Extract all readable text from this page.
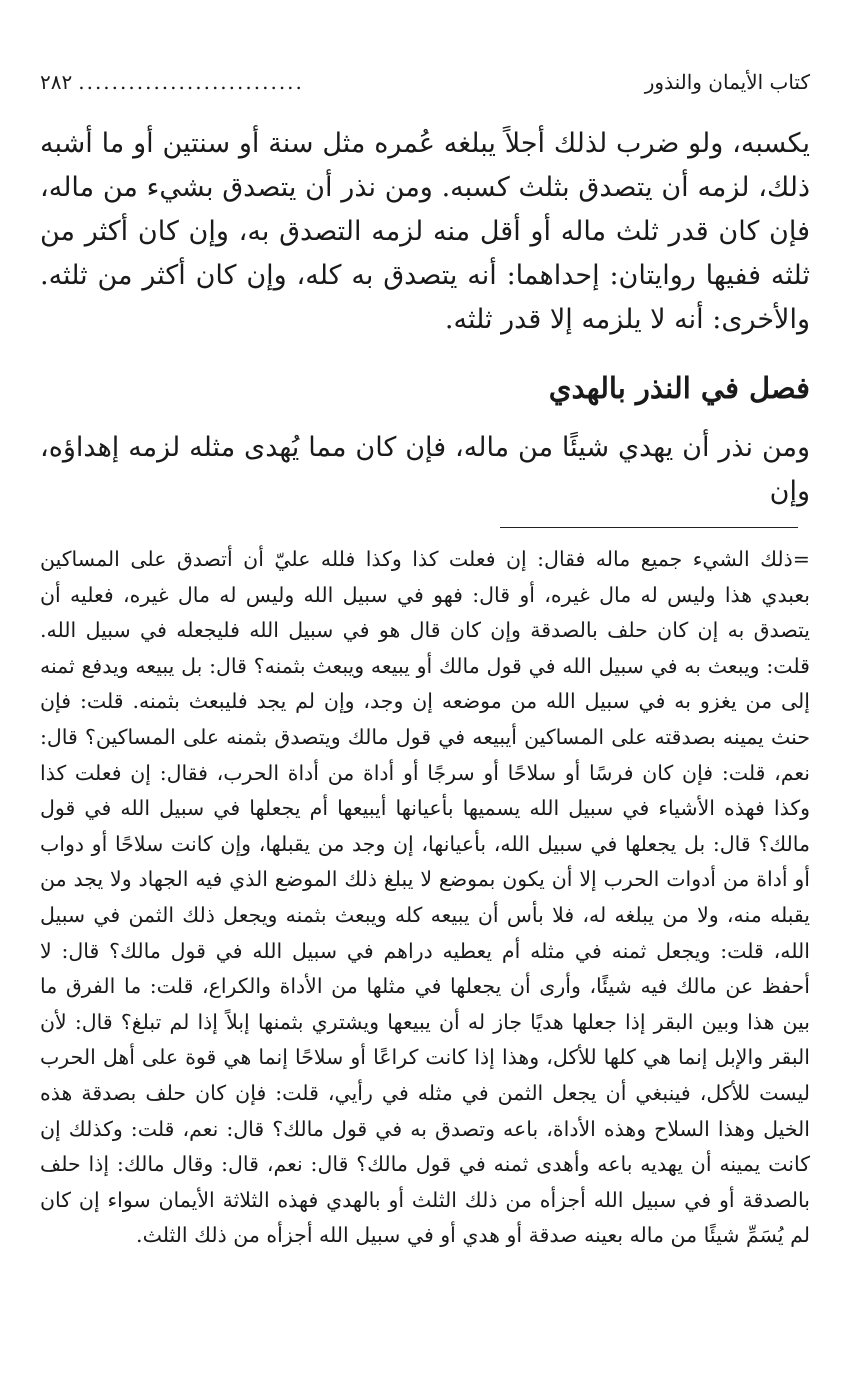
كتاب الأيمان والنذور
...........................
٢٨٢

يكسبه، ولو ضرب لذلك أجلاً يبلغه عُمره مثل سنة أو سنتين أو ما أشبه ذلك، لزمه أن يتصدق بثلث كسبه. ومن نذر أن يتصدق بشيء من ماله، فإن كان قدر ثلث ماله أو أقل منه لزمه التصدق به، وإن كان أكثر من ثلثه ففيها روايتان: إحداهما: أنه يتصدق به كله، وإن كان أكثر من ثلثه. والأخرى: أنه لا يلزمه إلا قدر ثلثه.

فصل في النذر بالهدي

ومن نذر أن يهدي شيئًا من ماله، فإن كان مما يُهدى مثله لزمه إهداؤه، وإن

=ذلك الشيء جميع ماله فقال: إن فعلت كذا وكذا فلله عليّ أن أتصدق على المساكين بعبدي هذا وليس له مال غيره، أو قال: فهو في سبيل الله وليس له مال غيره، فعليه أن يتصدق به إن كان حلف بالصدقة وإن كان قال هو في سبيل الله فليجعله في سبيل الله. قلت: ويبعث به في سبيل الله في قول مالك أو يبيعه ويبعث بثمنه؟ قال: بل يبيعه ويدفع ثمنه إلى من يغزو به في سبيل الله من موضعه إن وجد، وإن لم يجد فليبعث بثمنه. قلت: فإن حنث يمينه بصدقته على المساكين أيبيعه في قول مالك ويتصدق بثمنه على المساكين؟ قال: نعم، قلت: فإن كان فرسًا أو سلاحًا أو سرجًا أو أداة من أداة الحرب، فقال: إن فعلت كذا وكذا فهذه الأشياء في سبيل الله يسميها بأعيانها أيبيعها أم يجعلها في سبيل الله في قول مالك؟ قال: بل يجعلها في سبيل الله، بأعيانها، إن وجد من يقبلها، وإن كانت سلاحًا أو دواب أو أداة من أدوات الحرب إلا أن يكون بموضع لا يبلغ ذلك الموضع الذي فيه الجهاد ولا يجد من يقبله منه، ولا من يبلغه له، فلا بأس أن يبيعه كله ويبعث بثمنه ويجعل ذلك الثمن في سبيل الله، قلت: ويجعل ثمنه في مثله أم يعطيه دراهم في سبيل الله في قول مالك؟ قال: لا أحفظ عن مالك فيه شيئًا، وأرى أن يجعلها في مثلها من الأداة والكراع، قلت: ما الفرق ما بين هذا وبين البقر إذا جعلها هديًا جاز له أن يبيعها ويشتري بثمنها إبلاً إذا لم تبلغ؟ قال: لأن البقر والإبل إنما هي كلها للأكل، وهذا إذا كانت كراعًا أو سلاحًا إنما هي قوة على أهل الحرب ليست للأكل، فينبغي أن يجعل الثمن في مثله في رأيي، قلت: فإن كان حلف بصدقة هذه الخيل وهذا السلاح وهذه الأداة، باعه وتصدق به في قول مالك؟ قال: نعم، قلت: وكذلك إن كانت يمينه أن يهديه باعه وأهدى ثمنه في قول مالك؟ قال: نعم، قال: وقال مالك: إذا حلف بالصدقة أو في سبيل الله أجزأه من ذلك الثلث أو بالهدي فهذه الثلاثة الأيمان سواء إن كان لم يُسَمِّ شيئًا من ماله بعينه صدقة أو هدي أو في سبيل الله أجزأه من ذلك الثلث.
